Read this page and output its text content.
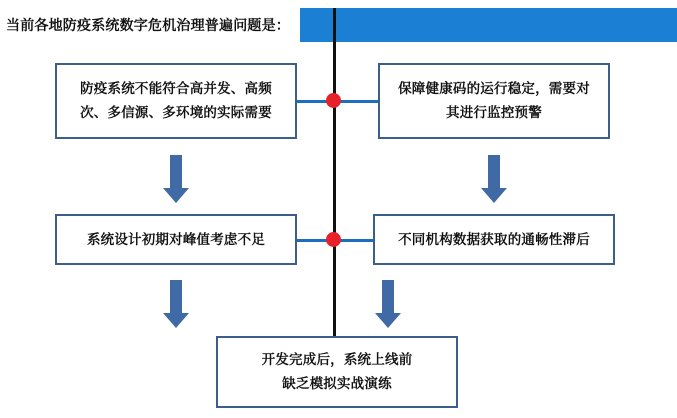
当前各地防疫系统数字危机治理普遍问题是：
防疫系统不能符合高并发、高频
次、多信源、多环境的实际需要
保障健康码的运行稳定，需要对
其进行监控预警
系统设计初期对峰值考虑不足	不同机构数据获取的通畅性滞后
开发完成后，系统上线前
缺乏模拟实战演练
